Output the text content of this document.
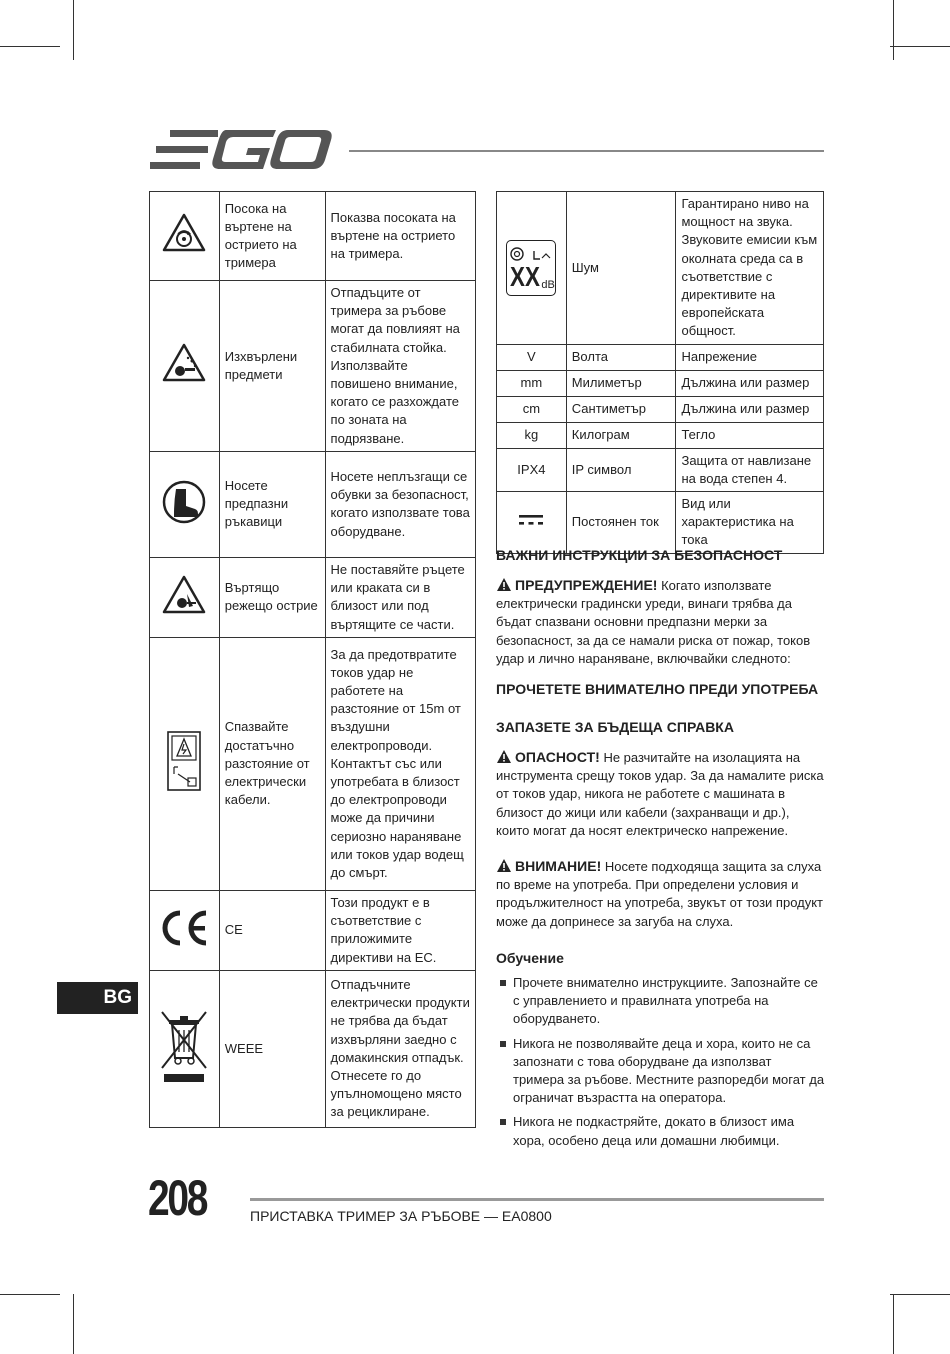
	Посока на въртене на острието на тримера	Показва посоката на въртене на острието на тримера.
	Изхвърлени предмети	Отпадъците от тримера за ръбове могат да повлияят на стабилната стойка. Използвайте повишено внимание, когато се разхождате по зоната на подрязване.
	Носете предпазни ръкавици	Носете неплъзгащи се обувки за безопасност, когато използвате това оборудване.
	Въртящо режещо острие	Не поставяйте ръцете или краката си в близост или под въртящите се части.
	Спазвайте достатъчно разстояние от електрически кабели.	За да предотвратите токов удар не работете на разстояние от 15m от въздушни електропроводи. Контактът със или употребата в близост до електропроводи може да причини сериозно нараняване или токов удар водещ до смърт.
	CE	Този продукт е в съответствие с приложимите директиви на ЕС.
	WEEE	Отпадъчните електрически продукти не трябва да бъдат изхвърляни заедно с домакинския отпадък. Отнесете го до упълномощено място за рециклиране.
XX dB	Шум	Гарантирано ниво на мощност на звука. Звуковите емисии към околната среда са в съответствие с директивите на европейската общност.
V	Волта	Напрежение
mm	Милиметър	Дължина или размер
cm	Сантиметър	Дължина или размер
kg	Килограм	Тегло
IPX4	IP символ	Защита от навлизане на вода степен 4.
	Постоянен ток	Вид или характеристика на тока
ВАЖНИ ИНСТРУКЦИИ ЗА БЕЗОПАСНОСТ
ПРЕДУПРЕЖДЕНИЕ! Когато използвате електрически градински уреди, винаги трябва да бъдат спазвани основни предпазни мерки за безопасност, за да се намали риска от пожар, токов удар и лично нараняване, включвайки следното:
ПРОЧЕТЕТЕ ВНИМАТЕЛНО ПРЕДИ УПОТРЕБА
ЗАПАЗЕТЕ ЗА БЪДЕЩА СПРАВКА
ОПАСНОСТ! Не разчитайте на изолацията на инструмента срещу токов удар. За да намалите риска от токов удар, никога не работете с машината в близост до жици или кабели (захранващи и др.), които могат да носят електрическо напрежение.
ВНИМАНИЕ! Носете подходяща защита за слуха по време на употреба. При определени условия и продължителност на употреба, звукът от този продукт може да допринесе за загуба на слуха.
Обучение
Прочете внимателно инструкциите. Запознайте се с управлението и правилната употреба на оборудването.
Никога не позволявайте деца и хора, които не са запознати с това оборудване да използват тримера за ръбове. Местните разпоредби могат да ограничат възрастта на оператора.
Никога не подкастряйте, докато в близост има хора, особено деца или домашни любимци.
BG
208	ПРИСТАВКА ТРИМЕР ЗА РЪБОВЕ — EA0800
